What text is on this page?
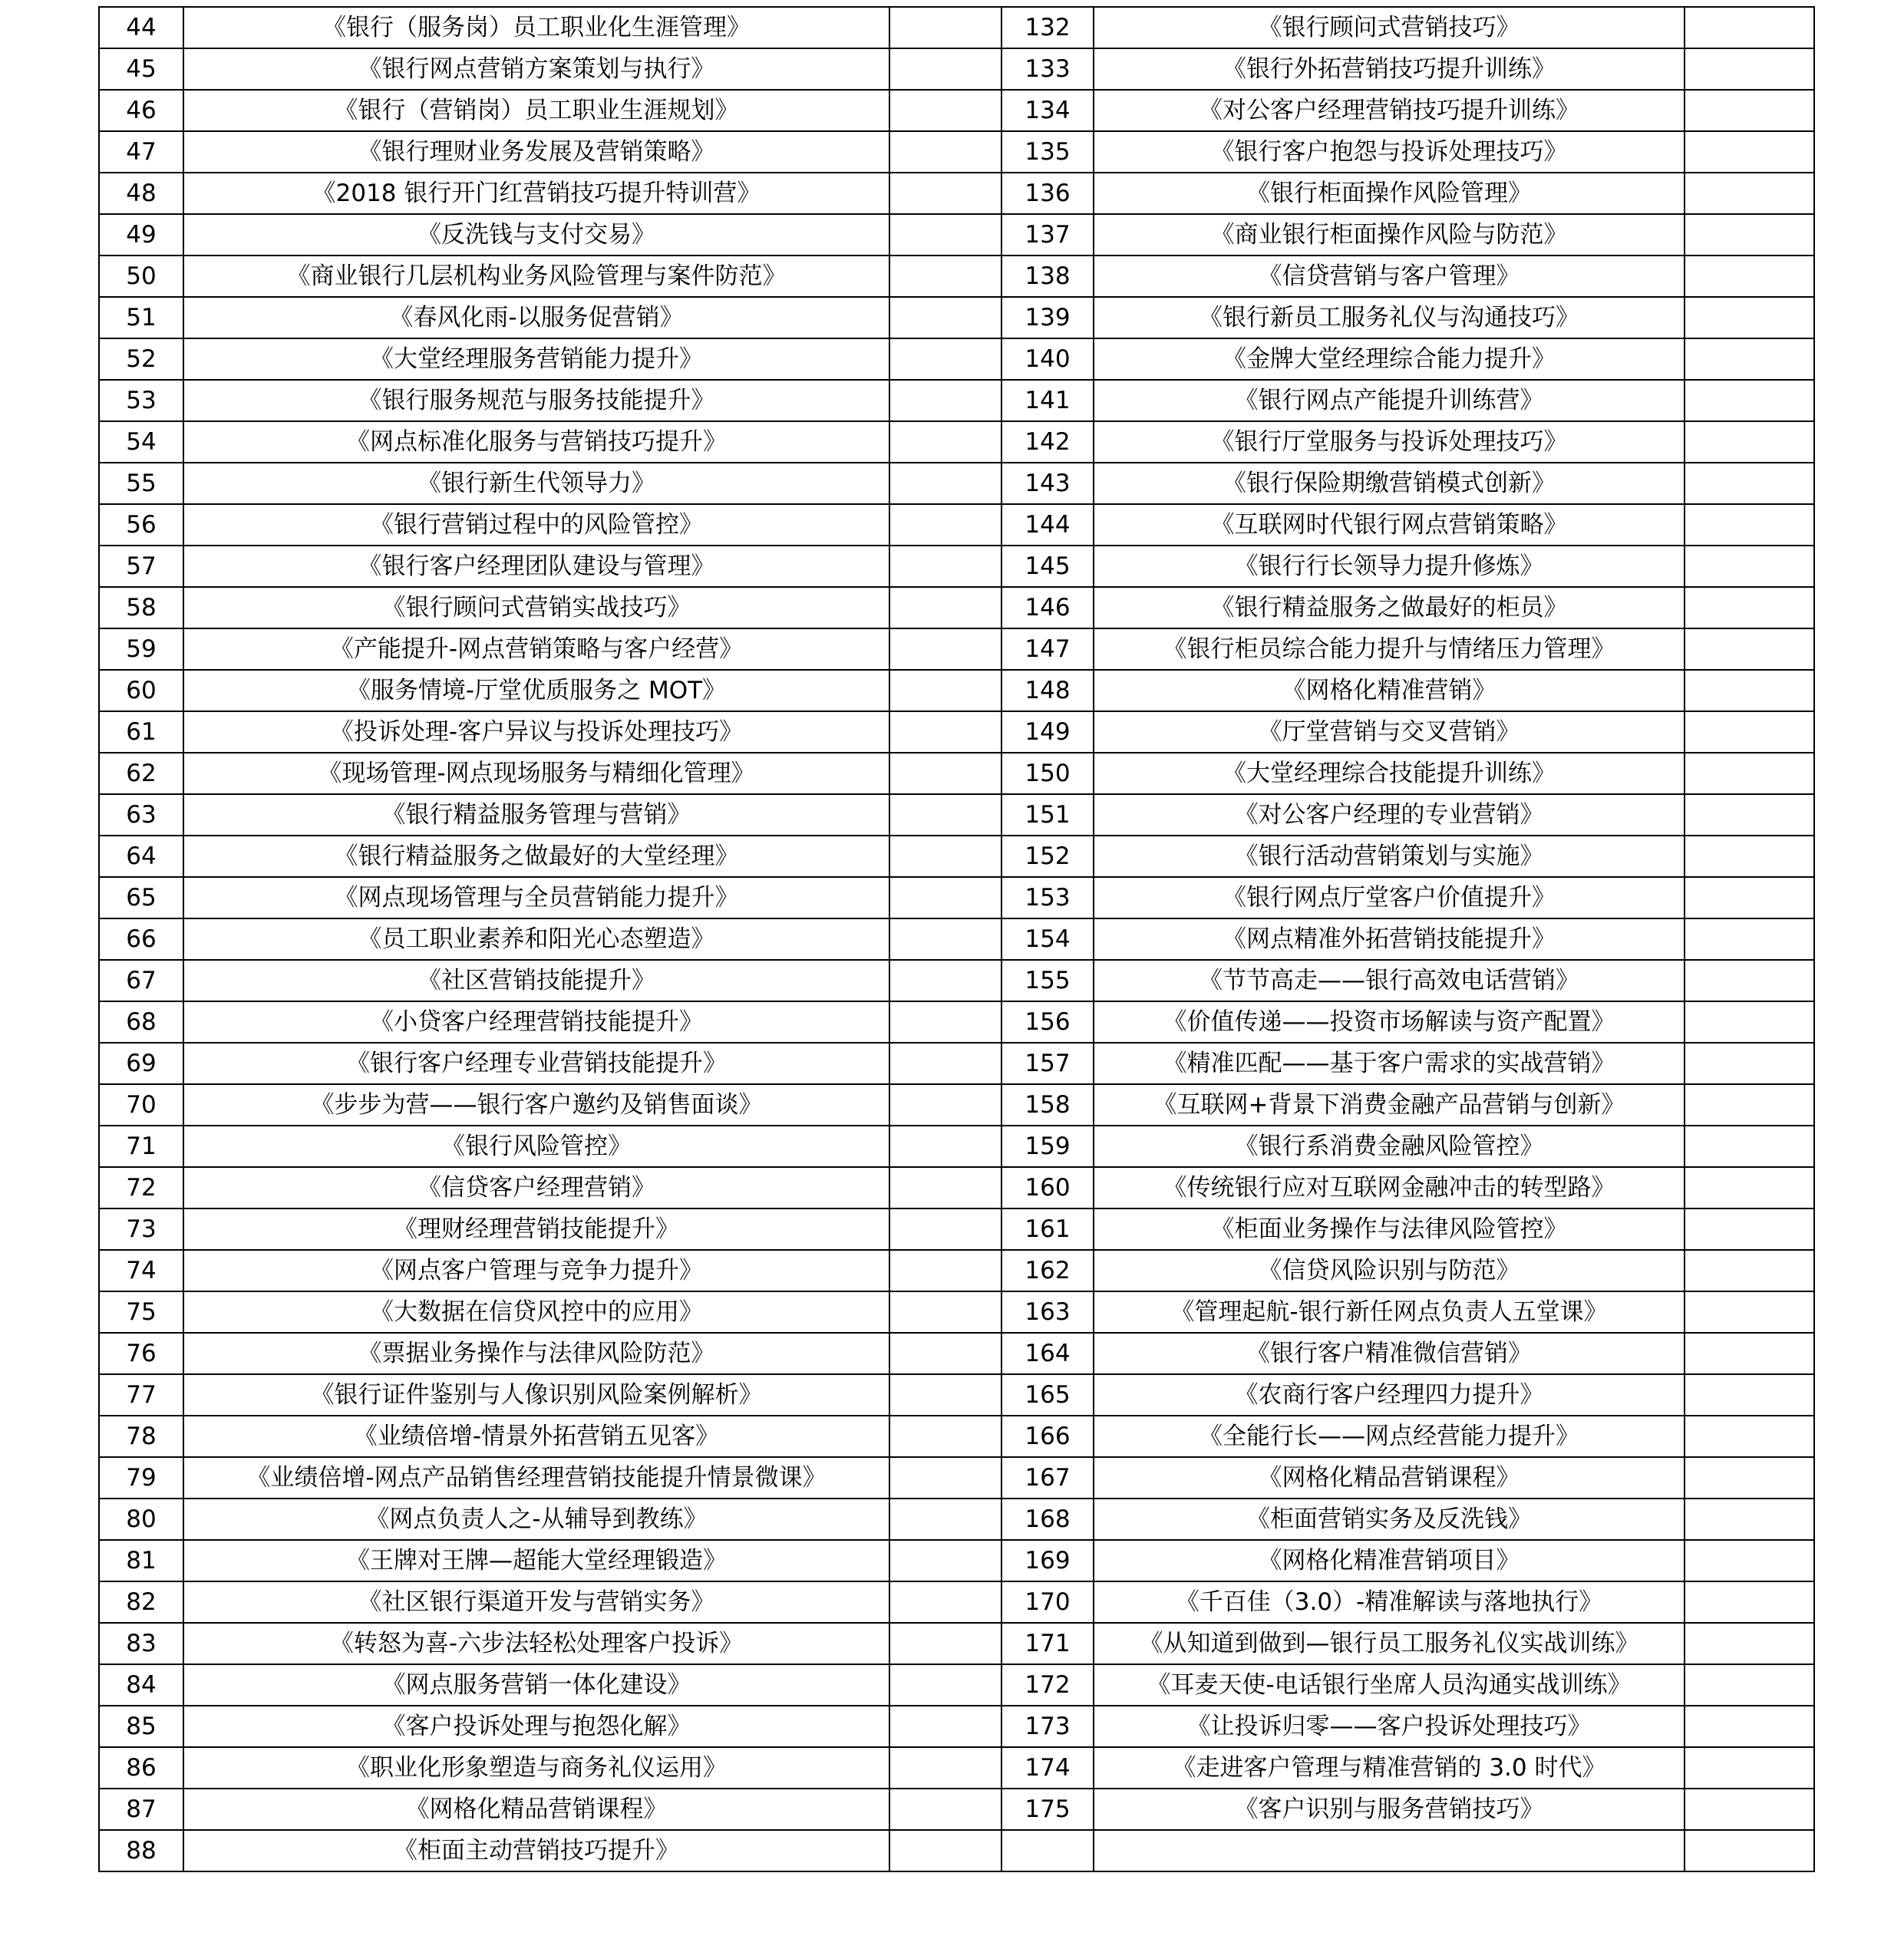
44	《银行（服务岗）员工职业化生涯管理》		132	《银行顾问式营销技巧》	
45	《银行网点营销方案策划与执行》		133	《银行外拓营销技巧提升训练》	
46	《银行（营销岗）员工职业生涯规划》		134	《对公客户经理营销技巧提升训练》	
47	《银行理财业务发展及营销策略》		135	《银行客户抱怨与投诉处理技巧》	
48	《2018 银行开门红营销技巧提升特训营》		136	《银行柜面操作风险管理》	
49	《反洗钱与支付交易》		137	《商业银行柜面操作风险与防范》	
50	《商业银行几层机构业务风险管理与案件防范》		138	《信贷营销与客户管理》	
51	《春风化雨-以服务促营销》		139	《银行新员工服务礼仪与沟通技巧》	
52	《大堂经理服务营销能力提升》		140	《金牌大堂经理综合能力提升》	
53	《银行服务规范与服务技能提升》		141	《银行网点产能提升训练营》	
54	《网点标准化服务与营销技巧提升》		142	《银行厅堂服务与投诉处理技巧》	
55	《银行新生代领导力》		143	《银行保险期缴营销模式创新》	
56	《银行营销过程中的风险管控》		144	《互联网时代银行网点营销策略》	
57	《银行客户经理团队建设与管理》		145	《银行行长领导力提升修炼》	
58	《银行顾问式营销实战技巧》		146	《银行精益服务之做最好的柜员》	
59	《产能提升-网点营销策略与客户经营》		147	《银行柜员综合能力提升与情绪压力管理》	
60	《服务情境-厅堂优质服务之 MOT》		148	《网格化精准营销》	
61	《投诉处理-客户异议与投诉处理技巧》		149	《厅堂营销与交叉营销》	
62	《现场管理-网点现场服务与精细化管理》		150	《大堂经理综合技能提升训练》	
63	《银行精益服务管理与营销》		151	《对公客户经理的专业营销》	
64	《银行精益服务之做最好的大堂经理》		152	《银行活动营销策划与实施》	
65	《网点现场管理与全员营销能力提升》		153	《银行网点厅堂客户价值提升》	
66	《员工职业素养和阳光心态塑造》		154	《网点精准外拓营销技能提升》	
67	《社区营销技能提升》		155	《节节高走——银行高效电话营销》	
68	《小贷客户经理营销技能提升》		156	《价值传递——投资市场解读与资产配置》	
69	《银行客户经理专业营销技能提升》		157	《精准匹配——基于客户需求的实战营销》	
70	《步步为营——银行客户邀约及销售面谈》		158	《互联网+背景下消费金融产品营销与创新》	
71	《银行风险管控》		159	《银行系消费金融风险管控》	
72	《信贷客户经理营销》		160	《传统银行应对互联网金融冲击的转型路》	
73	《理财经理营销技能提升》		161	《柜面业务操作与法律风险管控》	
74	《网点客户管理与竞争力提升》		162	《信贷风险识别与防范》	
75	《大数据在信贷风控中的应用》		163	《管理起航-银行新任网点负责人五堂课》	
76	《票据业务操作与法律风险防范》		164	《银行客户精准微信营销》	
77	《银行证件鉴别与人像识别风险案例解析》		165	《农商行客户经理四力提升》	
78	《业绩倍增-情景外拓营销五见客》		166	《全能行长——网点经营能力提升》	
79	《业绩倍增-网点产品销售经理营销技能提升情景微课》		167	《网格化精品营销课程》	
80	《网点负责人之-从辅导到教练》		168	《柜面营销实务及反洗钱》	
81	《王牌对王牌—超能大堂经理锻造》		169	《网格化精准营销项目》	
82	《社区银行渠道开发与营销实务》		170	《千百佳（3.0）-精准解读与落地执行》	
83	《转怒为喜-六步法轻松处理客户投诉》		171	《从知道到做到—银行员工服务礼仪实战训练》	
84	《网点服务营销一体化建设》		172	《耳麦天使-电话银行坐席人员沟通实战训练》	
85	《客户投诉处理与抱怨化解》		173	《让投诉归零——客户投诉处理技巧》	
86	《职业化形象塑造与商务礼仪运用》		174	《走进客户管理与精准营销的 3.0 时代》	
87	《网格化精品营销课程》		175	《客户识别与服务营销技巧》	
88	《柜面主动营销技巧提升》				
